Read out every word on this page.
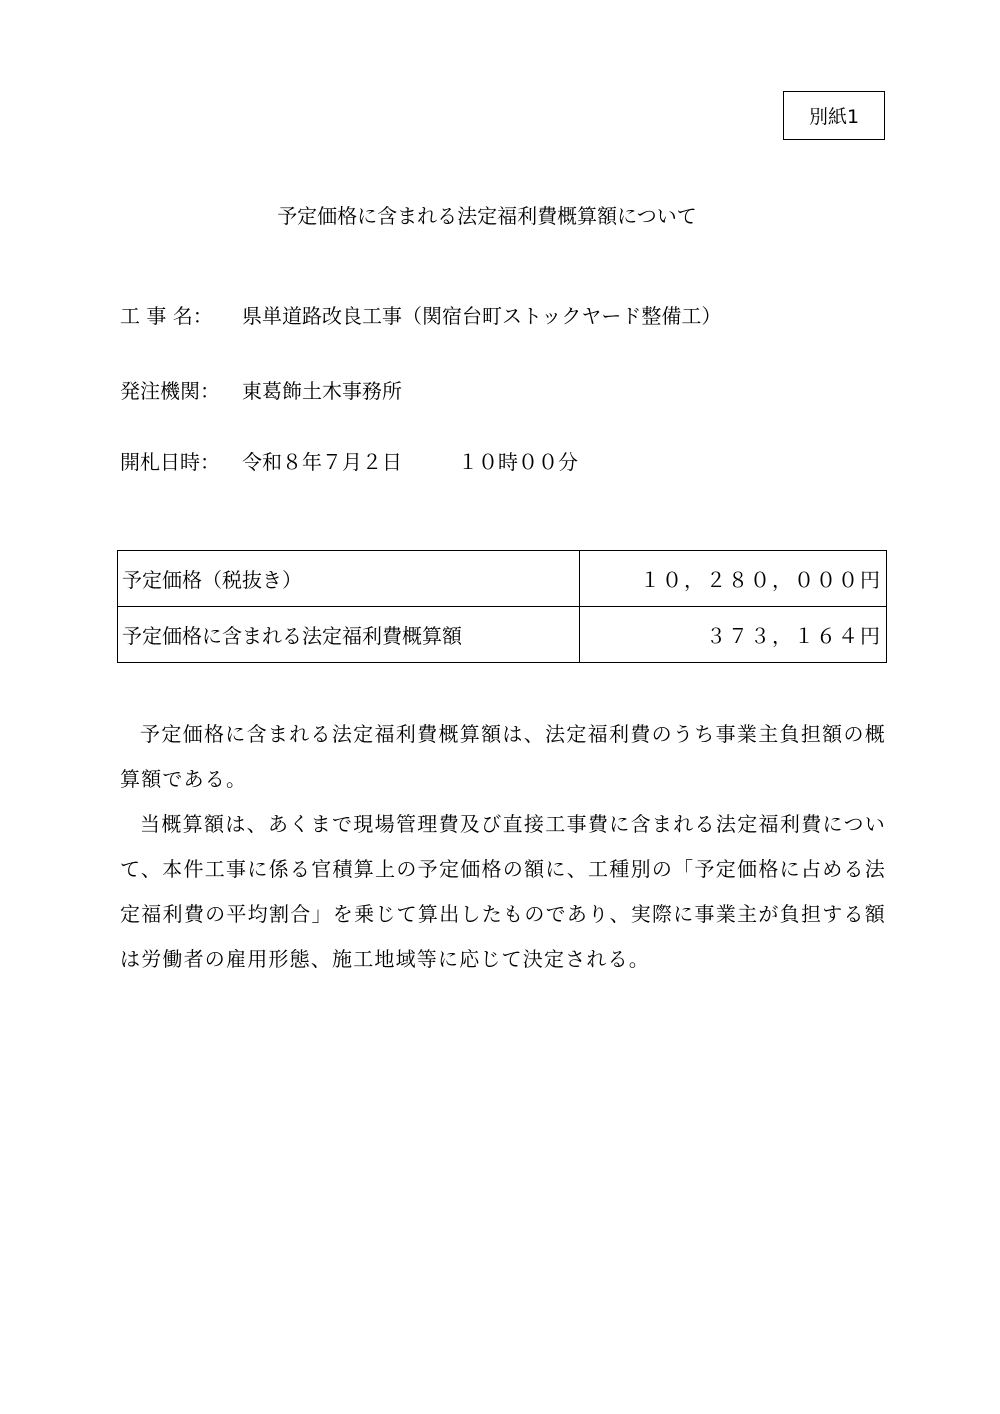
別紙1
予定価格に含まれる法定福利費概算額について
工 事 名： 県単道路改良工事（関宿台町ストックヤード整備工）
発注機関： 東葛飾土木事務所
開札日時： 令和８年７月２日	１０時００分
予定価格（税抜き）	１０，２８０，０００円
予定価格に含まれる法定福利費概算額	３７３，１６４円

予定価格に含まれる法定福利費概算額は、法定福利費のうち事業主負担額の概算額である。

当概算額は、あくまで現場管理費及び直接工事費に含まれる法定福利費について、本件工事に係る官積算上の予定価格の額に、工種別の「予定価格に占める法定福利費の平均割合」を乗じて算出したものであり、実際に事業主が負担する額は労働者の雇用形態、施工地域等に応じて決定される。
